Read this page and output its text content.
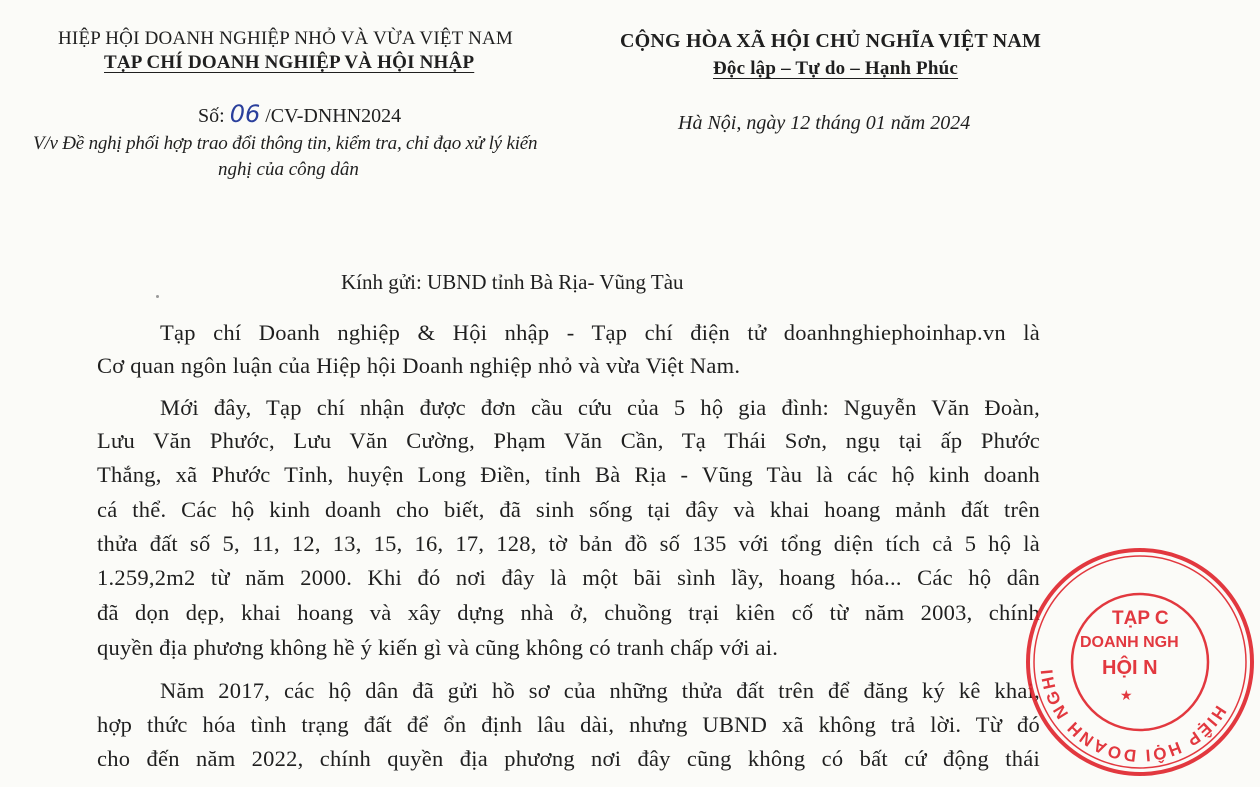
HIỆP HỘI DOANH NGHIỆP NHỎ VÀ VỪA VIỆT NAM
TẠP CHÍ DOANH NGHIỆP VÀ HỘI NHẬP
CỘNG HÒA XÃ HỘI CHỦ NGHĨA VIỆT NAM
Độc lập – Tự do – Hạnh Phúc
Số: 06 /CV-DNHN2024	Hà Nội, ngày 12 tháng 01 năm 2024
V/v Đề nghị phối hợp trao đổi thông tin, kiểm tra, chỉ đạo xử lý kiến
nghị của công dân
Kính gửi: UBND tỉnh Bà Rịa- Vũng Tàu
Tạp chí Doanh nghiệp & Hội nhập - Tạp chí điện tử doanhnghiephoinhap.vn là
Cơ quan ngôn luận của Hiệp hội Doanh nghiệp nhỏ và vừa Việt Nam.
Mới đây, Tạp chí nhận được đơn cầu cứu của 5 hộ gia đình: Nguyễn Văn Đoàn,
Lưu Văn Phước, Lưu Văn Cường, Phạm Văn Cần, Tạ Thái Sơn, ngụ tại ấp Phước
Thắng, xã Phước Tỉnh, huyện Long Điền, tỉnh Bà Rịa - Vũng Tàu là các hộ kinh doanh
cá thể. Các hộ kinh doanh cho biết, đã sinh sống tại đây và khai hoang mảnh đất trên
thửa đất số 5, 11, 12, 13, 15, 16, 17, 128, tờ bản đồ số 135 với tổng diện tích cả 5 hộ là
1.259,2m2 từ năm 2000. Khi đó nơi đây là một bãi sình lầy, hoang hóa... Các hộ dân
đã dọn dẹp, khai hoang và xây dựng nhà ở, chuồng trại kiên cố từ năm 2003, chính
quyền địa phương không hề ý kiến gì và cũng không có tranh chấp với ai.
Năm 2017, các hộ dân đã gửi hồ sơ của những thửa đất trên để đăng ký kê khai,
hợp thức hóa tình trạng đất để ổn định lâu dài, nhưng UBND xã không trả lời. Từ đó
cho đến năm 2022, chính quyền địa phương nơi đây cũng không có bất cứ động thái
HIỆP HỘI DOANH NGHI
TẠP C
DOANH NGH
HỘI N
★
